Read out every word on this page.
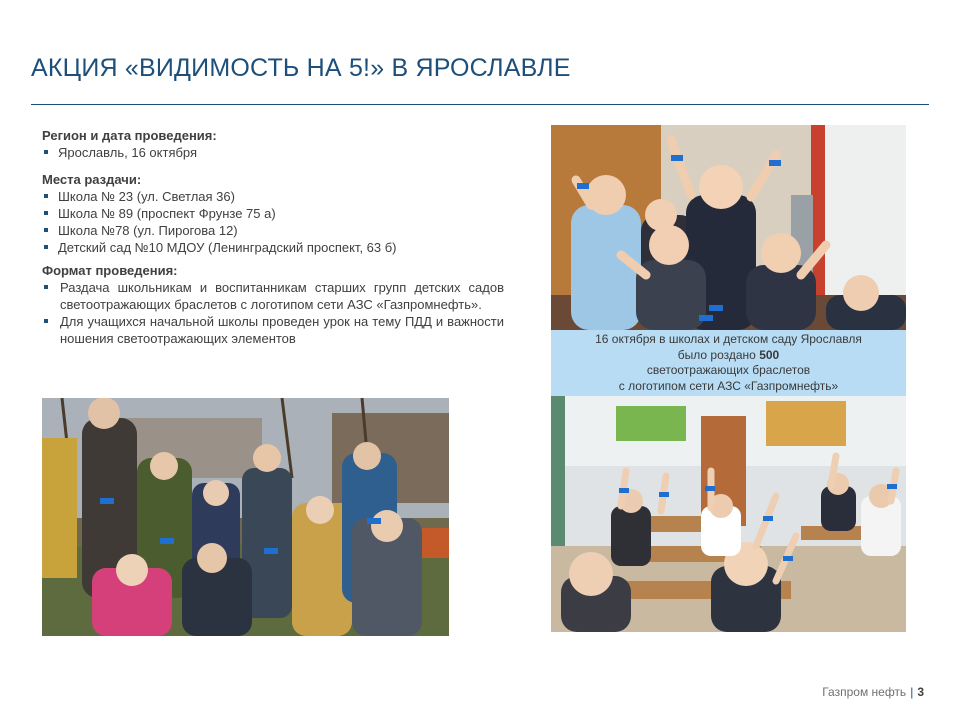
АКЦИЯ «ВИДИМОСТЬ НА 5!» В ЯРОСЛАВЛЕ

Регион и дата проведения:

Ярославль, 16 октября

Места раздачи:

Школа № 23 (ул. Светлая 36)
Школа № 89 (проспект Фрунзе 75 а)
Школа №78 (ул. Пирогова 12)
Детский сад №10 МДОУ (Ленинградский проспект, 63 б)

Формат проведения:

Раздача школьникам и воспитанникам старших групп детских садов светоотражающих браслетов с логотипом сети АЗС «Газпромнефть».
Для учащихся начальной школы проведен урок на тему ПДД и важности ношения светоотражающих элементов	16 октября в школах и детском саду Ярославля
было роздано 500
светоотражающих браслетов
с логотипом сети АЗС «Газпромнефть»
Газпром нефть | 3
